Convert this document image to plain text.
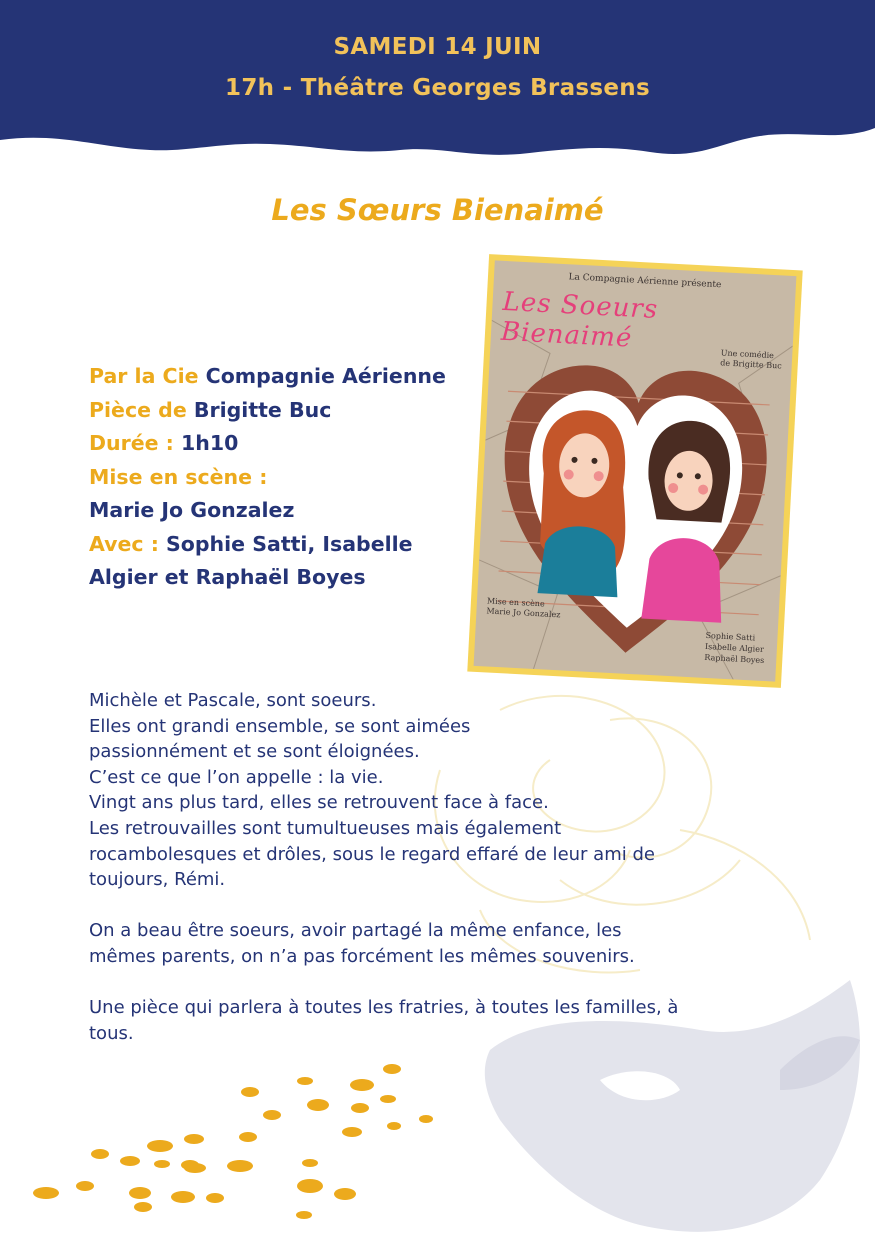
SAMEDI 14 JUIN
17h - Théâtre Georges Brassens
Les Sœurs Bienaimé
Par la Cie Compagnie Aérienne
Pièce de Brigitte Buc
Durée : 1h10
Mise en scène :
Marie Jo Gonzalez
Avec : Sophie Satti, Isabelle
Algier et Raphaël Boyes
La Compagnie Aérienne présente
Les Soeurs Bienaimé
Une comédie
de Brigitte Buc
Mise en scène
Marie Jo Gonzalez
Sophie Satti
Isabelle Algier
Raphaël Boyes

Michèle et Pascale, sont soeurs.
Elles ont grandi ensemble, se sont aimées
passionnément et se sont éloignées.
C’est ce que l’on appelle : la vie.
Vingt ans plus tard, elles se retrouvent face à face.
Les retrouvailles sont tumultueuses mais également
rocambolesques et drôles, sous le regard effaré de leur ami de
toujours, Rémi.

On a beau être soeurs, avoir partagé la même enfance, les
mêmes parents, on n’a pas forcément les mêmes souvenirs.

Une pièce qui parlera à toutes les fratries, à toutes les familles, à
tous.
